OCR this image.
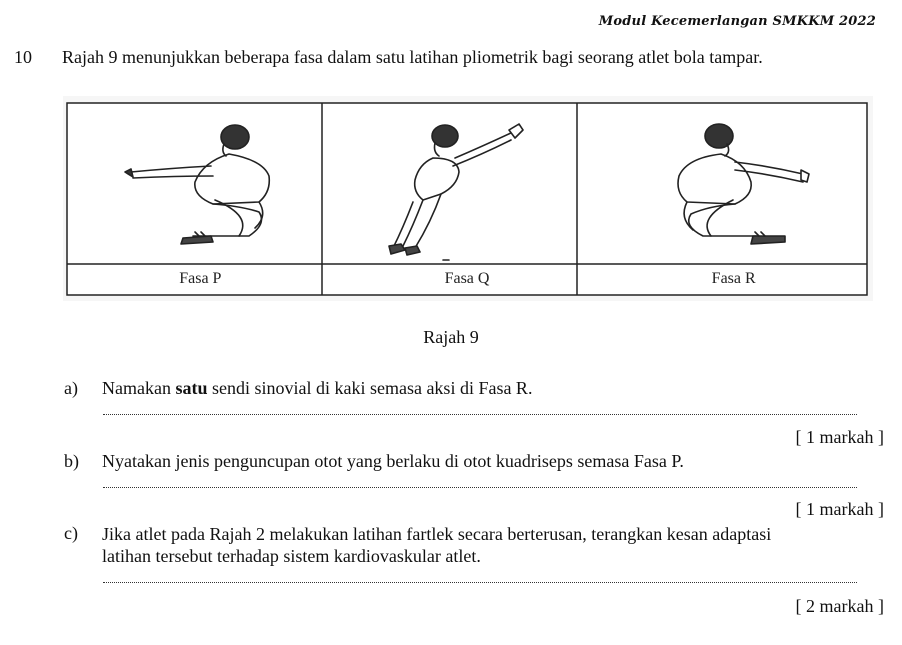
Modul Kecemerlangan SMKKM 2022
10 Rajah 9 menunjukkan beberapa fasa dalam satu latihan pliometrik bagi seorang atlet bola tampar.
Fasa P	Fasa Q	Fasa R
Rajah 9
a) Namakan satu sendi sinovial di kaki semasa aksi di Fasa R.
[ 1 markah ]
b) Nyatakan jenis penguncupan otot yang berlaku di otot kuadriseps semasa Fasa P.
[ 1 markah ]
c) Jika atlet pada Rajah 2 melakukan latihan fartlek secara berterusan, terangkan kesan adaptasi
latihan tersebut terhadap sistem kardiovaskular atlet.
[ 2 markah ]
